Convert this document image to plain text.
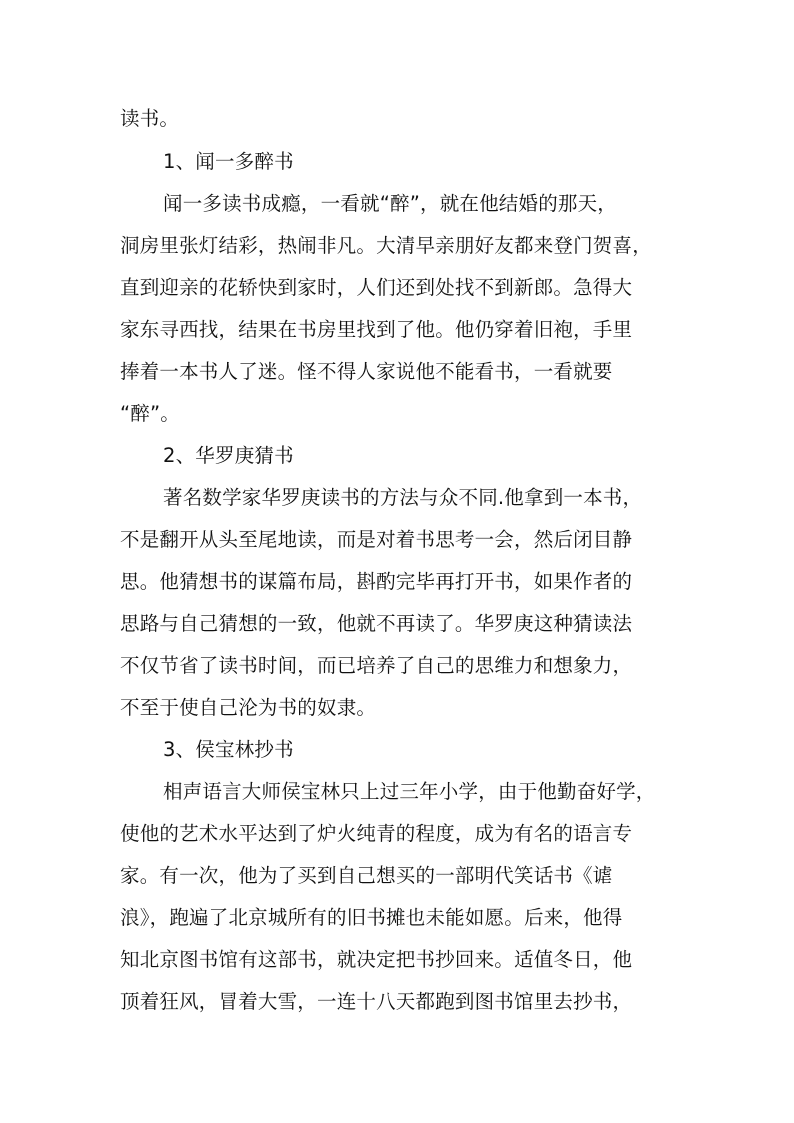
读书。
1、闻一多醉书
闻一多读书成瘾，一看就“醉”，就在他结婚的那天，
洞房里张灯结彩，热闹非凡。大清早亲朋好友都来登门贺喜，
直到迎亲的花轿快到家时，人们还到处找不到新郎。急得大
家东寻西找，结果在书房里找到了他。他仍穿着旧袍，手里
捧着一本书人了迷。怪不得人家说他不能看书，一看就要
“醉”。
2、华罗庚猜书
著名数学家华罗庚读书的方法与众不同.他拿到一本书，
不是翻开从头至尾地读，而是对着书思考一会，然后闭目静
思。他猜想书的谋篇布局，斟酌完毕再打开书，如果作者的
思路与自己猜想的一致，他就不再读了。华罗庚这种猜读法
不仅节省了读书时间，而已培养了自己的思维力和想象力，
不至于使自己沦为书的奴隶。
3、侯宝林抄书
相声语言大师侯宝林只上过三年小学，由于他勤奋好学，
使他的艺术水平达到了炉火纯青的程度，成为有名的语言专
家。有一次，他为了买到自己想买的一部明代笑话书《谑
浪》，跑遍了北京城所有的旧书摊也未能如愿。后来，他得
知北京图书馆有这部书，就决定把书抄回来。适值冬日，他
顶着狂风，冒着大雪，一连十八天都跑到图书馆里去抄书，
